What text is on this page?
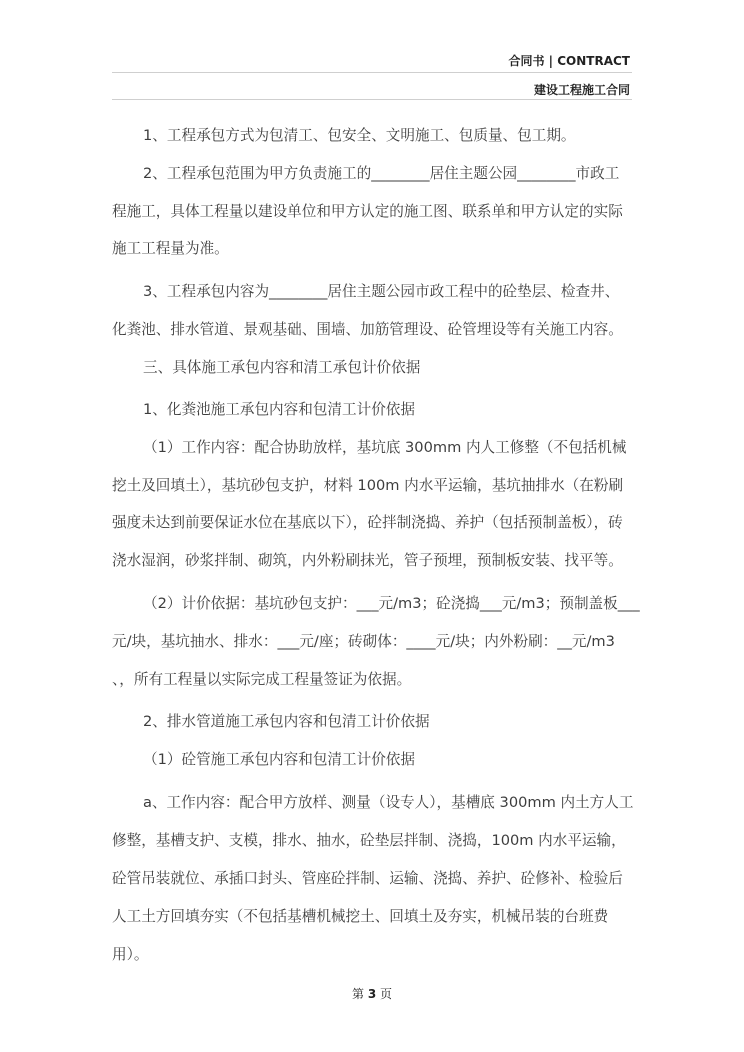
合同书 | CONTRACT
建设工程施工合同
1、工程承包方式为包清工、包安全、文明施工、包质量、包工期。
2、工程承包范围为甲方负责施工的________居住主题公园________市政工
程施工，具体工程量以建设单位和甲方认定的施工图、联系单和甲方认定的实际
施工工程量为准。
3、工程承包内容为________居住主题公园市政工程中的砼垫层、检查井、
化粪池、排水管道、景观基础、围墙、加筋管理设、砼管埋设等有关施工内容。
三、具体施工承包内容和清工承包计价依据
1、化粪池施工承包内容和包清工计价依据
（1）工作内容：配合协助放样，基坑底 300mm 内人工修整（不包括机械
挖土及回填土），基坑砂包支护，材料 100m 内水平运输，基坑抽排水（在粉刷
强度未达到前要保证水位在基底以下），砼拌制浇捣、养护（包括预制盖板），砖
浇水湿润，砂浆拌制、砌筑，内外粉刷抹光，管子预埋，预制板安装、找平等。
（2）计价依据：基坑砂包支护：___元/m3；砼浇捣___元/m3；预制盖板___
元/块，基坑抽水、排水：___元/座；砖砌体：____元/块；内外粉刷：__元/m3
、，所有工程量以实际完成工程量签证为依据。
2、排水管道施工承包内容和包清工计价依据
（1）砼管施工承包内容和包清工计价依据
a、工作内容：配合甲方放样、测量（设专人），基槽底 300mm 内土方人工
修整，基槽支护、支模，排水、抽水，砼垫层拌制、浇捣，100m 内水平运输，
砼管吊装就位、承插口封头、管座砼拌制、运输、浇捣、养护、砼修补、检验后
人工土方回填夯实（不包括基槽机械挖土、回填土及夯实，机械吊装的台班费
用）。
第 3 页
